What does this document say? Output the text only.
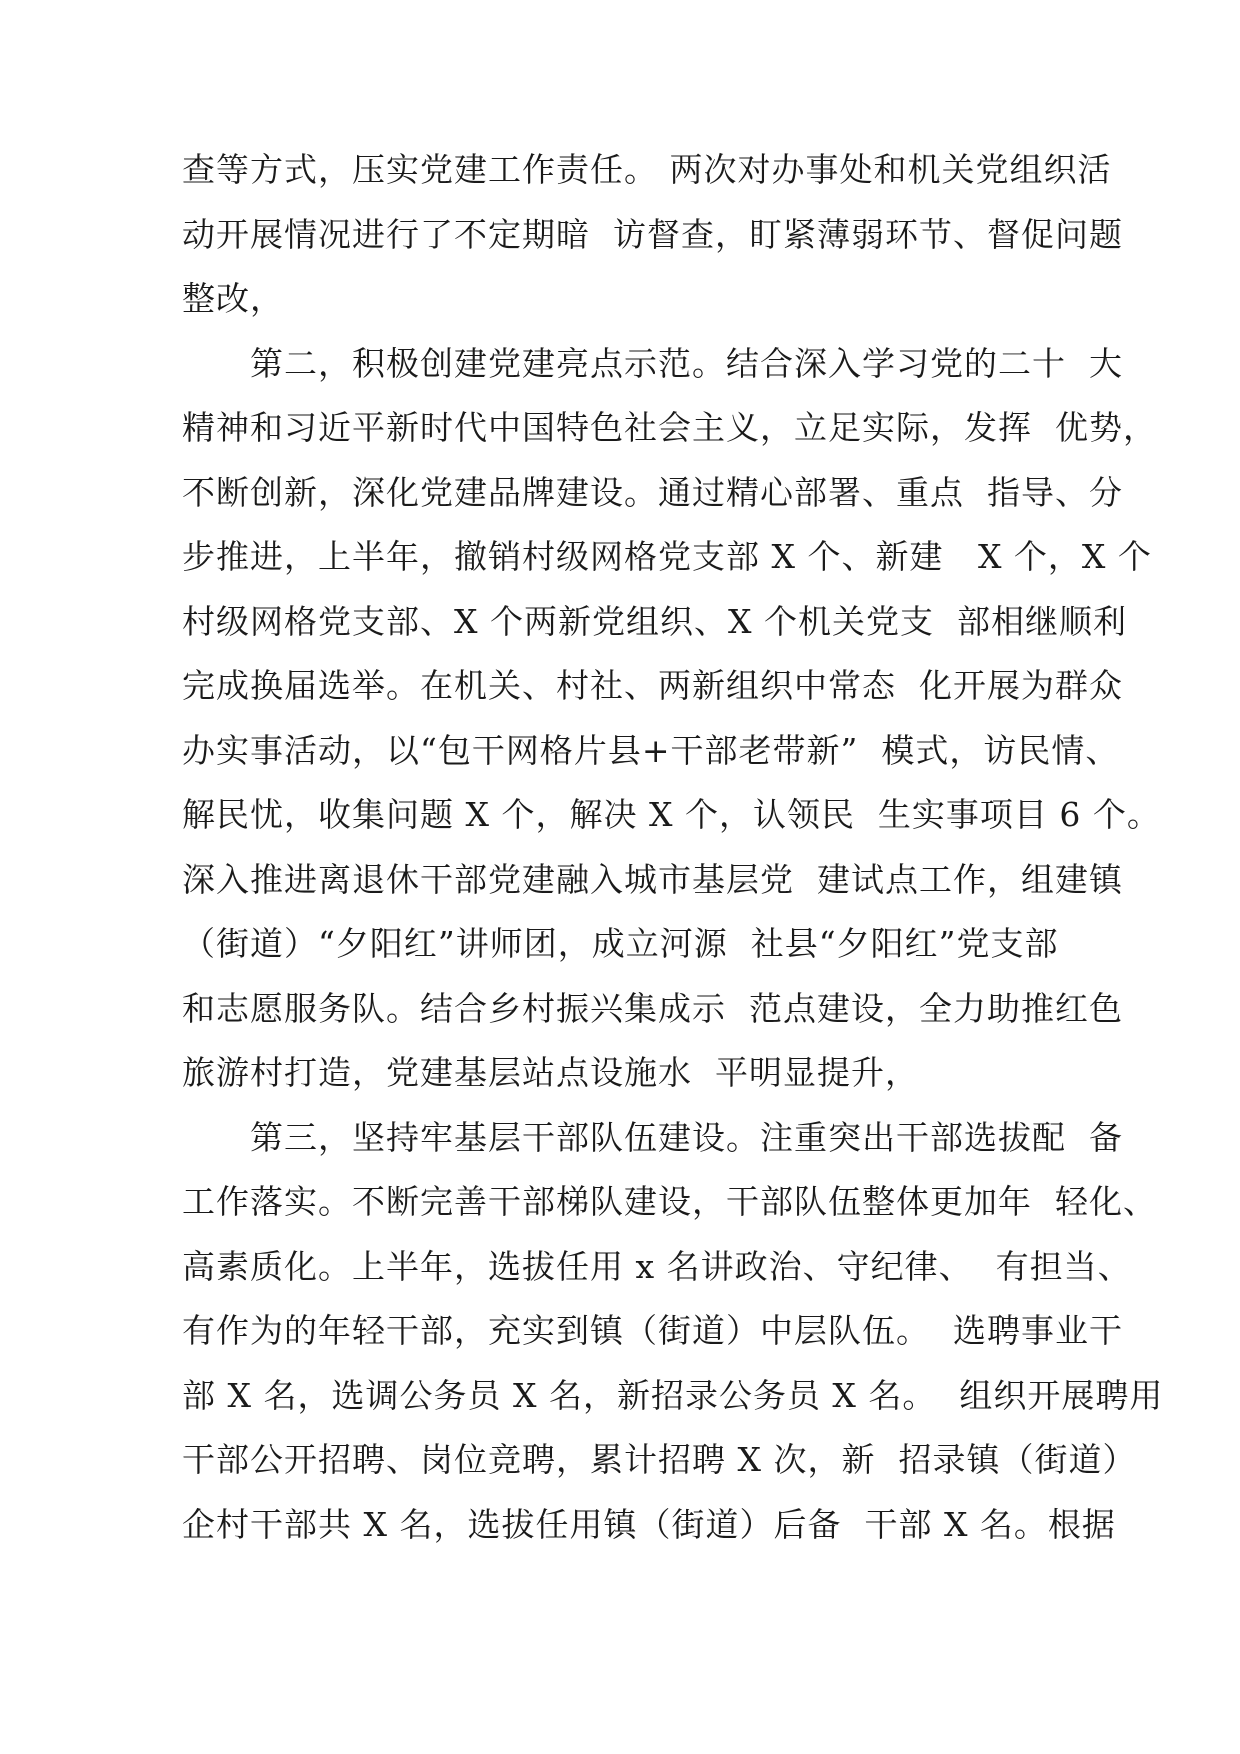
查等方式，压实党建工作责任。 两次对办事处和机关党组织活
动开展情况进行了不定期暗  访督查，盯紧薄弱环节、督促问题
整改，
第二，积极创建党建亮点示范。结合深入学习党的二十  大
精神和习近平新时代中国特色社会主义，立足实际，发挥  优势，
不断创新，深化党建品牌建设。通过精心部署、重点  指导、分
步推进，上半年，撤销村级网格党支部 X 个、新建   X 个，X 个
村级网格党支部、X 个两新党组织、X 个机关党支  部相继顺利
完成换届选举。在机关、村社、两新组织中常态  化开展为群众
办实事活动，以“包干网格片县+干部老带新”  模式，访民情、
解民忧，收集问题 X 个，解决 X 个，认领民  生实事项目 6 个。
深入推进离退休干部党建融入城市基层党  建试点工作，组建镇
（街道）“夕阳红”讲师团，成立河源  社县“夕阳红”党支部
和志愿服务队。结合乡村振兴集成示  范点建设，全力助推红色
旅游村打造，党建基层站点设施水  平明显提升，
第三，坚持牢基层干部队伍建设。注重突出干部选拔配  备
工作落实。不断完善干部梯队建设，干部队伍整体更加年  轻化、
高素质化。上半年，选拔任用 x 名讲政治、守纪律、  有担当、
有作为的年轻干部，充实到镇（街道）中层队伍。  选聘事业干
部 X 名，选调公务员 X 名，新招录公务员 X 名。  组织开展聘用
干部公开招聘、岗位竞聘，累计招聘 X 次，新  招录镇（街道）
企村干部共 X 名，选拔任用镇（街道）后备  干部 X 名。根据
